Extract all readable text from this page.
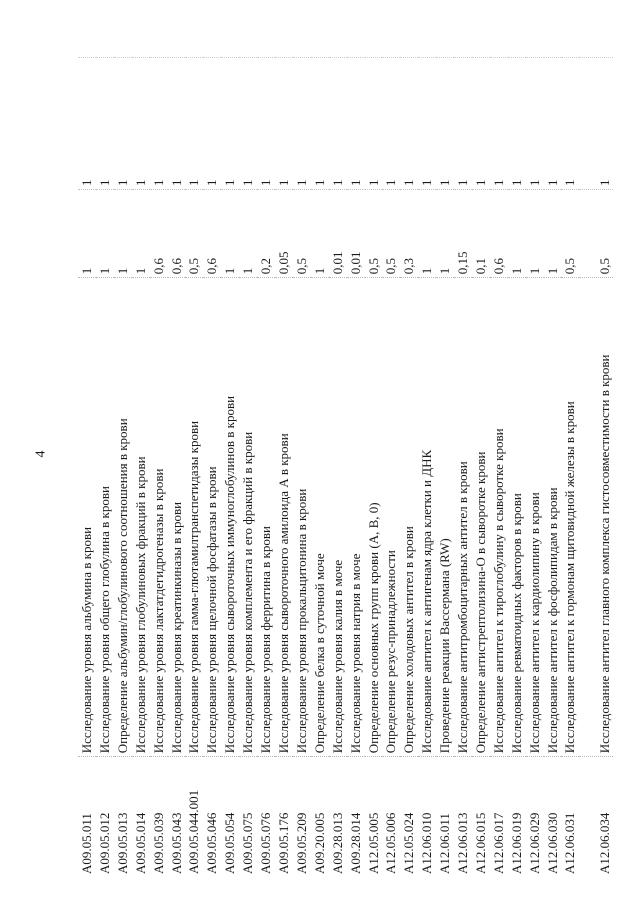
4
A09.05.011	Исследование уровня альбумина в крови	1	1
A09.05.012	Исследование уровня общего глобулина в крови	1	1
A09.05.013	Определение альбумин/глобулинового соотношения в крови	1	1
A09.05.014	Исследование уровня глобулиновых фракций в крови	1	1
A09.05.039	Исследование уровня лактатдегидрогеназы в крови	0,6	1
A09.05.043	Исследование уровня креатинкиназы в крови	0,6	1
A09.05.044.001	Исследование уровня гамма-глютамилтранспетидазы крови	0,5	1
A09.05.046	Исследование уровня щелочной фосфатазы в крови	0,6	1
A09.05.054	Исследование уровня сывороточных иммуноглобулинов в крови	1	1
A09.05.075	Исследование уровня комплемента и его фракций в крови	1	1
A09.05.076	Исследование уровня ферритина в крови	0,2	1
A09.05.176	Исследование уровня сывороточного амилоида А в крови	0,05	1
A09.05.209	Исследование уровня прокальцитонина в крови	0,5	1
A09.20.005	Определение белка в суточной моче	1	1
A09.28.013	Исследование уровня калия в моче	0,01	1
A09.28.014	Исследование уровня натрия в моче	0,01	1
A12.05.005	Определение основных групп крови (А, В, 0)	0,5	1
A12.05.006	Определение резус-принадлежности	0,5	1
A12.05.024	Определение холодовых антител в крови	0,3	1
A12.06.010	Исследование антител к антигенам ядра клетки и ДНК	1	1
A12.06.011	Проведение реакции Вассермана (RW)	1	1
A12.06.013	Исследование антитромбоцитарных антител в крови	0,15	1
A12.06.015	Определение антистрептолизина-О в сыворотке крови	0,1	1
A12.06.017	Исследование антител к тироглобулину в сыворотке крови	0,6	1
A12.06.019	Исследование ревматоидных факторов в крови	1	1
A12.06.029	Исследование антител к кардиолипину в крови	1	1
A12.06.030	Исследование антител к фосфолипидам в крови	1	1
A12.06.031	Исследование антител к гормонам щитовидной железы в крови	0,5	1
A12.06.034	Исследование антител главного комплекса гистосовместимости в крови	0,5	1
